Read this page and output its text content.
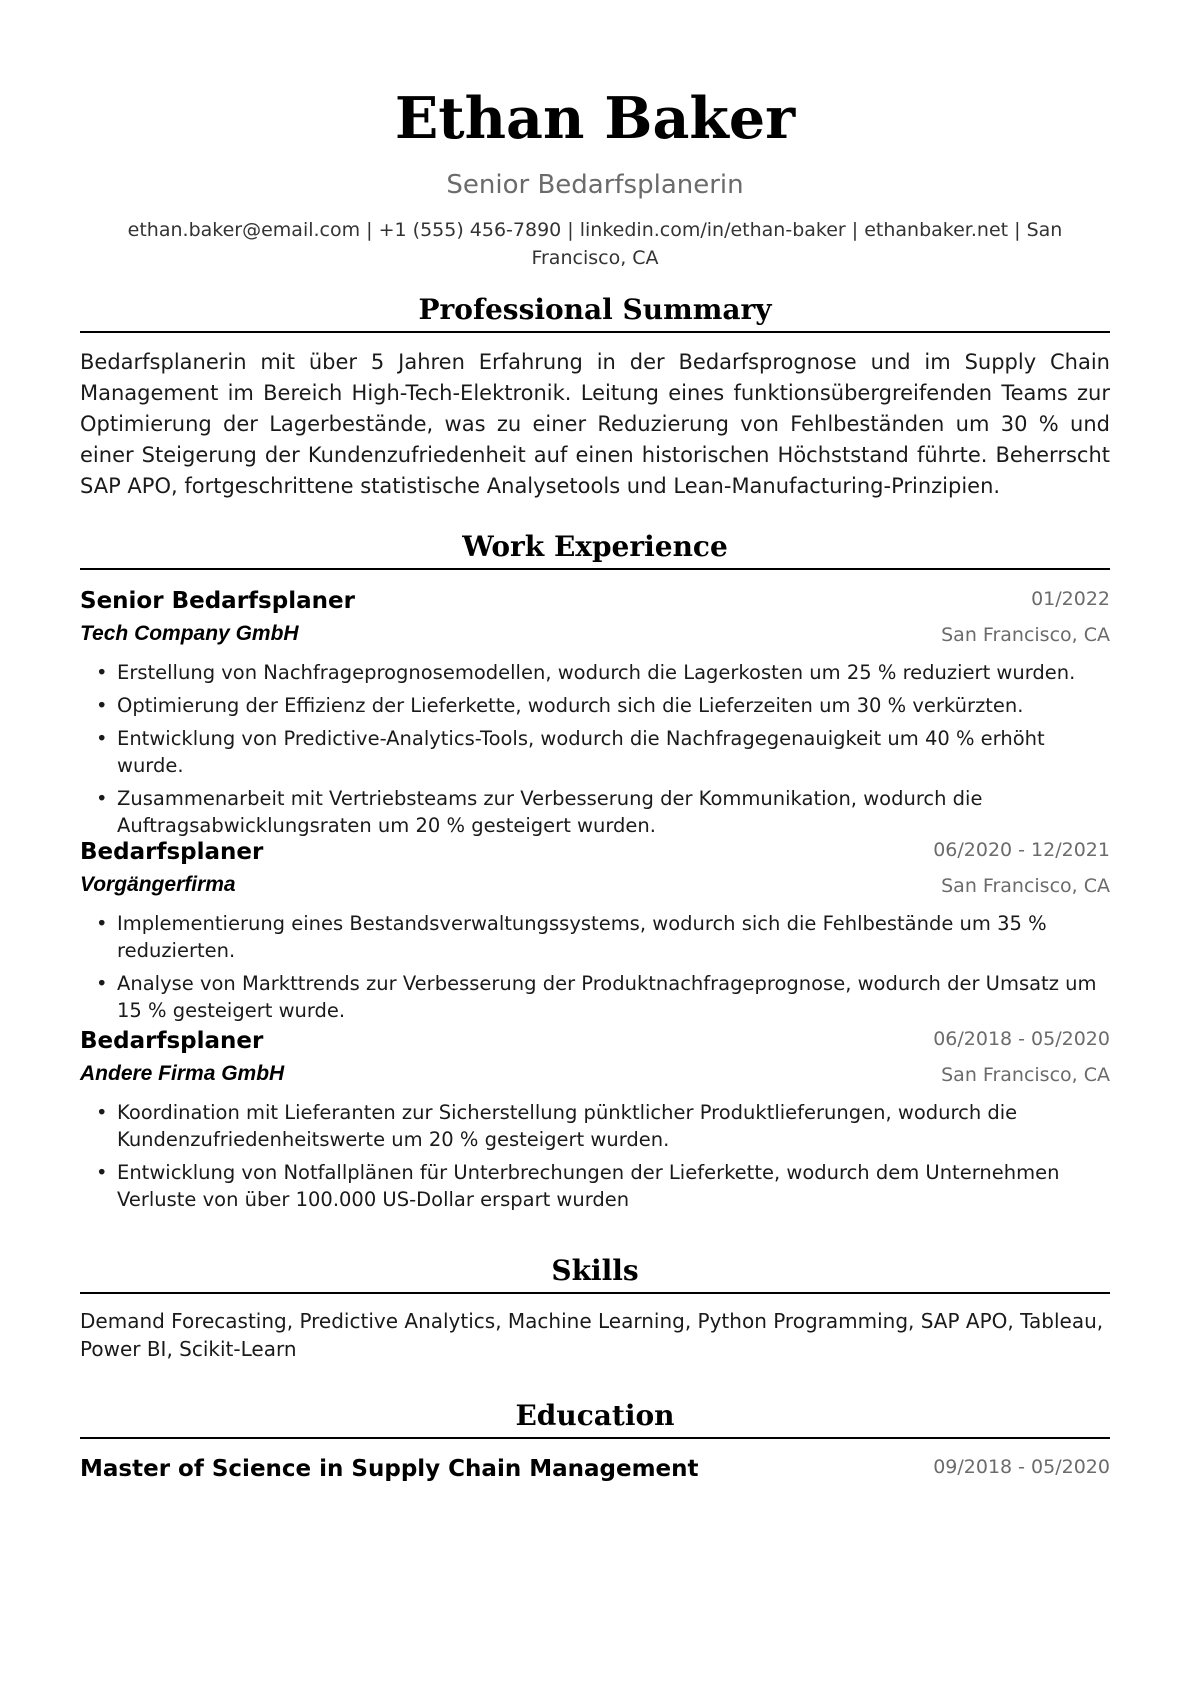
Ethan Baker
Senior Bedarfsplanerin
ethan.baker@email.com | +1 (555) 456-7890 | linkedin.com/in/ethan-baker | ethanbaker.net | San Francisco, CA
Professional Summary
Bedarfsplanerin mit über 5 Jahren Erfahrung in der Bedarfsprognose und im Supply Chain Management im Bereich High-Tech-Elektronik. Leitung eines funktionsübergreifenden Teams zur Optimierung der Lagerbestände, was zu einer Reduzierung von Fehlbeständen um 30 % und einer Steigerung der Kundenzufriedenheit auf einen historischen Höchststand führte. Beherrscht SAP APO, fortgeschrittene statistische Analysetools und Lean-Manufacturing-Prinzipien.
Work Experience
Senior Bedarfsplaner	01/2022
Tech Company GmbH	San Francisco, CA
• Erstellung von Nachfrageprognosemodellen, wodurch die Lagerkosten um 25 % reduziert wurden.
• Optimierung der Effizienz der Lieferkette, wodurch sich die Lieferzeiten um 30 % verkürzten.
• Entwicklung von Predictive-Analytics-Tools, wodurch die Nachfragegenauigkeit um 40 % erhöht wurde.
• Zusammenarbeit mit Vertriebsteams zur Verbesserung der Kommunikation, wodurch die Auftragsabwicklungsraten um 20 % gesteigert wurden.
Bedarfsplaner	06/2020 - 12/2021
Vorgängerfirma	San Francisco, CA
• Implementierung eines Bestandsverwaltungssystems, wodurch sich die Fehlbestände um 35 % reduzierten.
• Analyse von Markttrends zur Verbesserung der Produktnachfrageprognose, wodurch der Umsatz um 15 % gesteigert wurde.
Bedarfsplaner	06/2018 - 05/2020
Andere Firma GmbH	San Francisco, CA
• Koordination mit Lieferanten zur Sicherstellung pünktlicher Produktlieferungen, wodurch die Kundenzufriedenheitswerte um 20 % gesteigert wurden.
• Entwicklung von Notfallplänen für Unterbrechungen der Lieferkette, wodurch dem Unternehmen Verluste von über 100.000 US-Dollar erspart wurden
Skills
Demand Forecasting, Predictive Analytics, Machine Learning, Python Programming, SAP APO, Tableau, Power BI, Scikit-Learn
Education
Master of Science in Supply Chain Management	09/2018 - 05/2020
